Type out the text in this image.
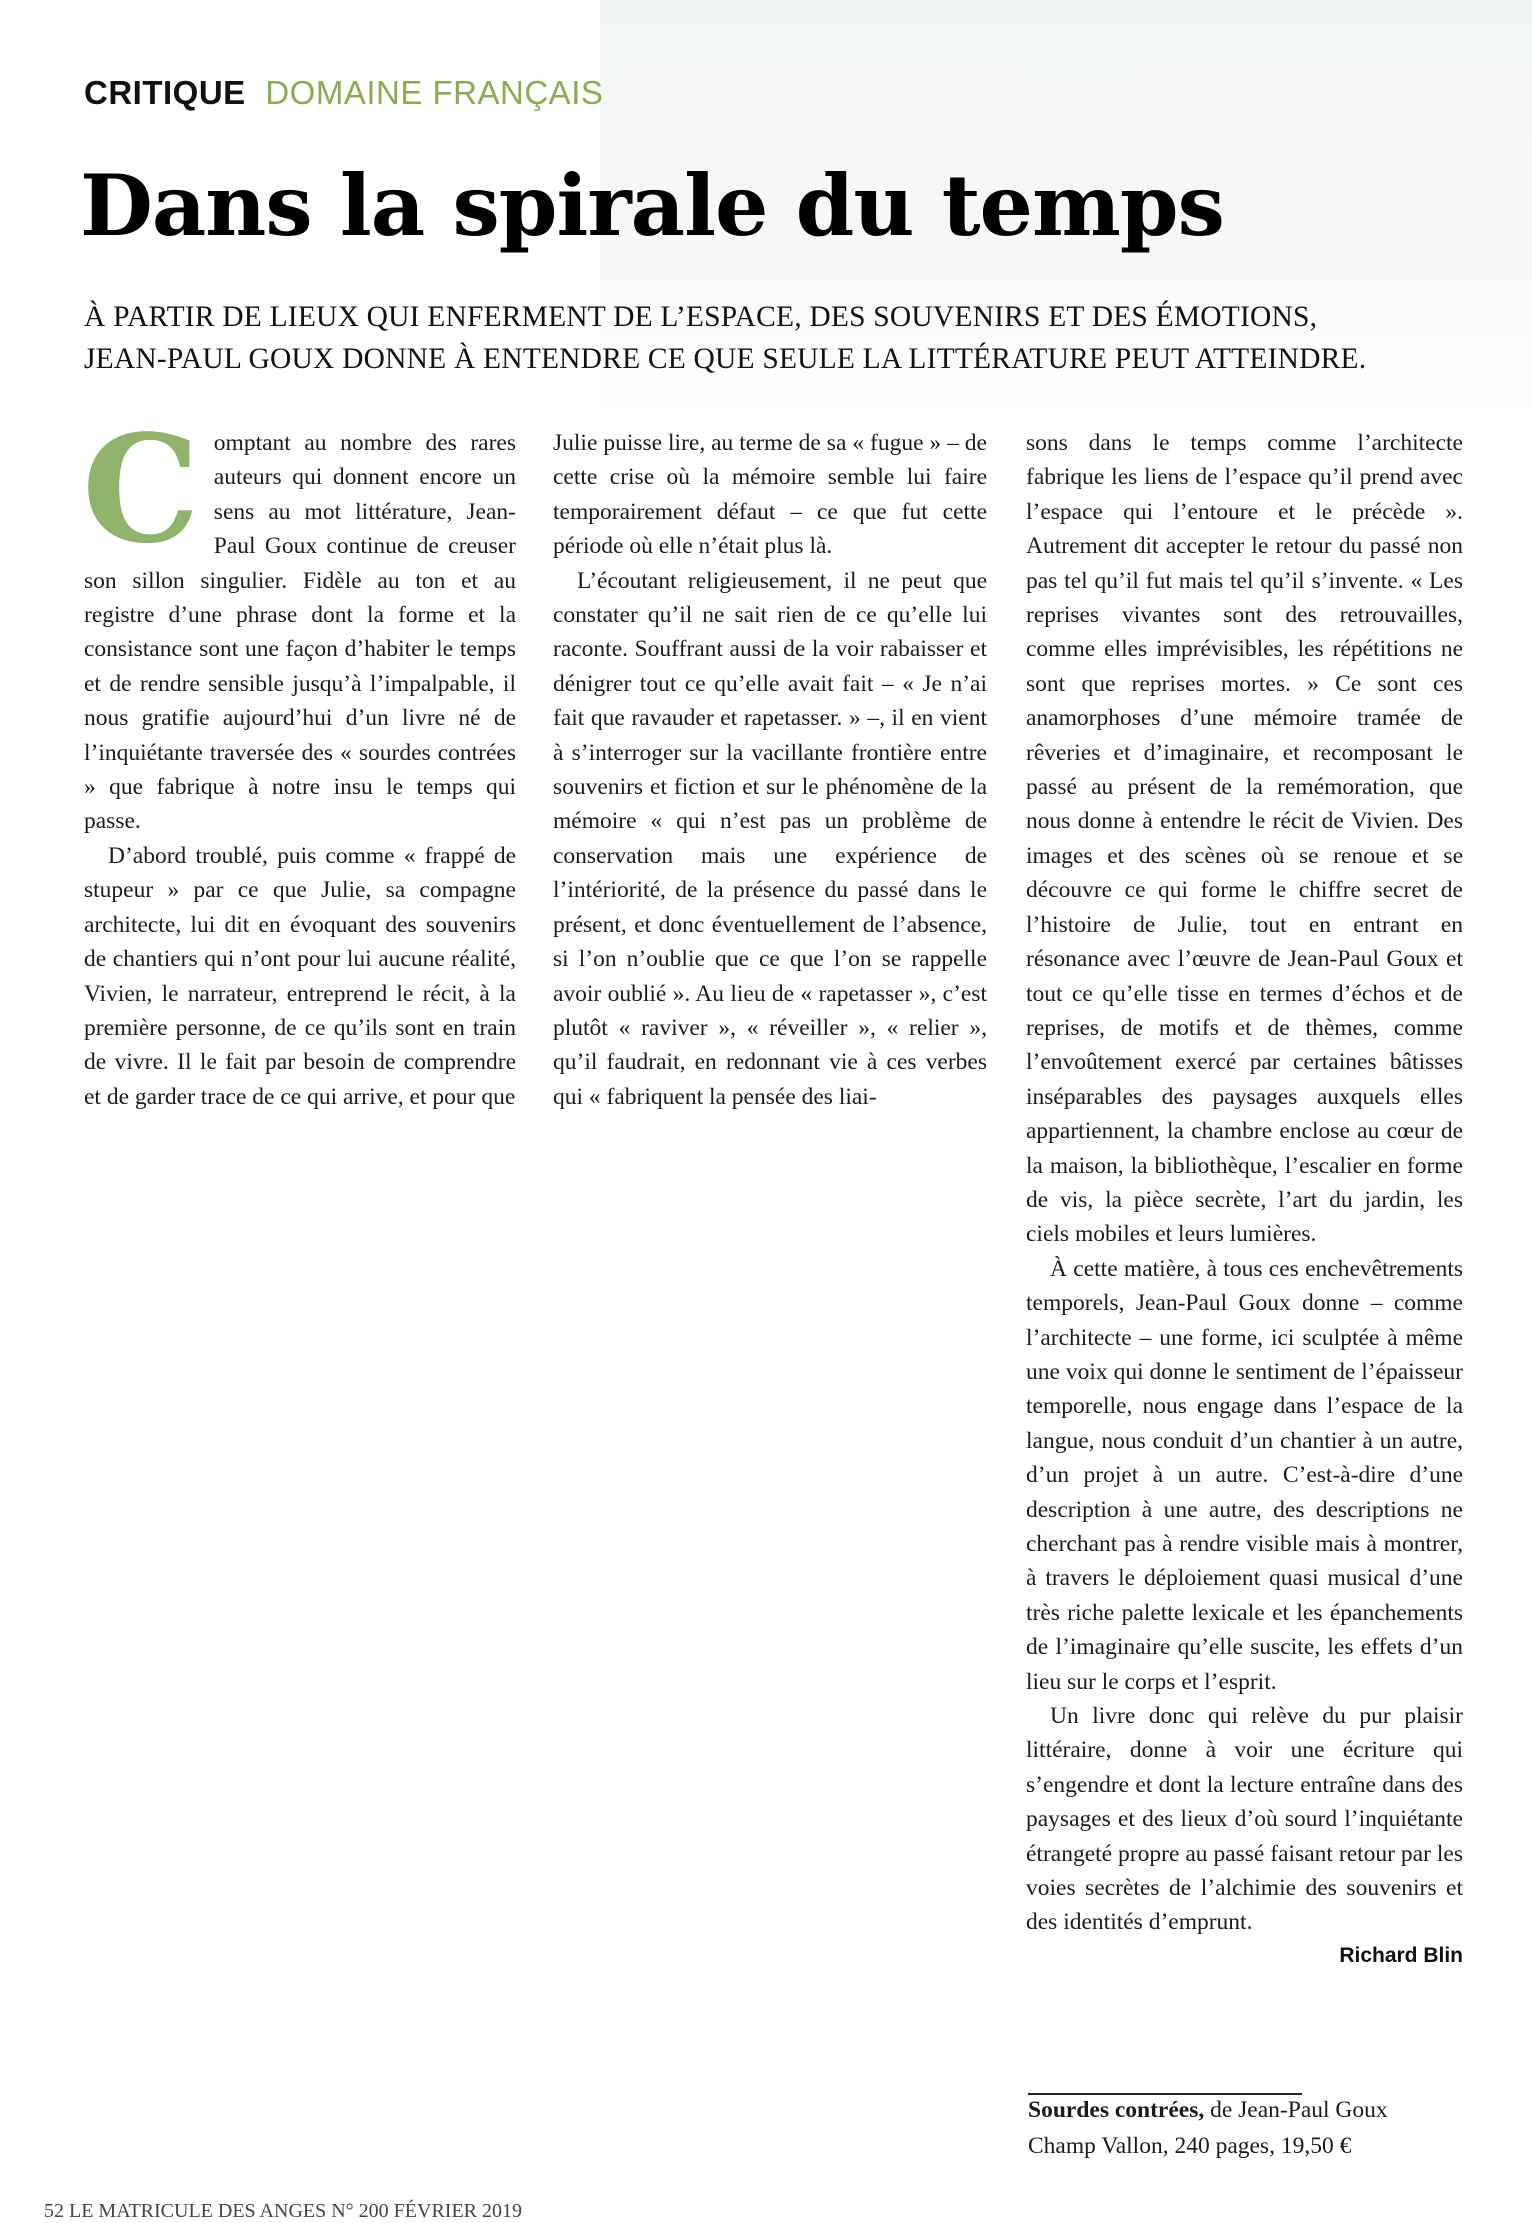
CRITIQUE DOMAINE FRANÇAIS
Dans la spirale du temps
À PARTIR DE LIEUX QUI ENFERMENT DE L’ESPACE, DES SOUVENIRS ET DES ÉMOTIONS,
JEAN-PAUL GOUX DONNE À ENTENDRE CE QUE SEULE LA LITTÉRATURE PEUT ATTEINDRE.

Comptant au nombre des rares auteurs qui donnent encore un sens au mot littérature, Jean-Paul Goux continue de creuser son sillon singulier. Fidèle au ton et au registre d’une phrase dont la forme et la consistance sont une façon d’habiter le temps et de rendre sensible jusqu’à l’impalpable, il nous gratifie aujourd’hui d’un livre né de l’inquiétante traversée des « sourdes contrées » que fabrique à notre insu le temps qui passe.

D’abord troublé, puis comme « frappé de stupeur » par ce que Julie, sa compagne architecte, lui dit en évoquant des souvenirs de chantiers qui n’ont pour lui aucune réalité, Vivien, le narrateur, entreprend le récit, à la première personne, de ce qu’ils sont en train de vivre. Il le fait par besoin de comprendre et de garder trace de ce qui arrive, et pour que

Julie puisse lire, au terme de sa « fugue » – de cette crise où la mémoire semble lui faire temporairement défaut – ce que fut cette période où elle n’était plus là.

L’écoutant religieusement, il ne peut que constater qu’il ne sait rien de ce qu’elle lui raconte. Souffrant aussi de la voir rabaisser et dénigrer tout ce qu’elle avait fait – « Je n’ai fait que ravauder et rapetasser. » –, il en vient à s’interroger sur la vacillante frontière entre souvenirs et fiction et sur le phénomène de la mémoire « qui n’est pas un problème de conservation mais une expérience de l’intériorité, de la présence du passé dans le présent, et donc éventuellement de l’absence, si l’on n’oublie que ce que l’on se rappelle avoir oublié ». Au lieu de « rapetasser », c’est plutôt « raviver », « réveiller », « relier », qu’il faudrait, en redonnant vie à ces verbes qui « fabriquent la pensée des liai-

sons dans le temps comme l’architecte fabrique les liens de l’espace qu’il prend avec l’espace qui l’entoure et le précède ». Autrement dit accepter le retour du passé non pas tel qu’il fut mais tel qu’il s’invente. « Les reprises vivantes sont des retrouvailles, comme elles imprévisibles, les répétitions ne sont que reprises mortes. » Ce sont ces anamorphoses d’une mémoire tramée de rêveries et d’imaginaire, et recomposant le passé au présent de la remémoration, que nous donne à entendre le récit de Vivien. Des images et des scènes où se renoue et se découvre ce qui forme le chiffre secret de l’histoire de Julie, tout en entrant en résonance avec l’œuvre de Jean-Paul Goux et tout ce qu’elle tisse en termes d’échos et de reprises, de motifs et de thèmes, comme l’envoûtement exercé par certaines bâtisses inséparables des paysages auxquels elles appartiennent, la chambre enclose au cœur de la maison, la bibliothèque, l’escalier en forme de vis, la pièce secrète, l’art du jardin, les ciels mobiles et leurs lumières.

À cette matière, à tous ces enchevêtrements temporels, Jean-Paul Goux donne – comme l’architecte – une forme, ici sculptée à même une voix qui donne le sentiment de l’épaisseur temporelle, nous engage dans l’espace de la langue, nous conduit d’un chantier à un autre, d’un projet à un autre. C’est-à-dire d’une description à une autre, des descriptions ne cherchant pas à rendre visible mais à montrer, à travers le déploiement quasi musical d’une très riche palette lexicale et les épanchements de l’imaginaire qu’elle suscite, les effets d’un lieu sur le corps et l’esprit.

Un livre donc qui relève du pur plaisir littéraire, donne à voir une écriture qui s’engendre et dont la lecture entraîne dans des paysages et des lieux d’où sourd l’inquiétante étrangeté propre au passé faisant retour par les voies secrètes de l’alchimie des souvenirs et des identités d’emprunt.

Richard Blin

Sourdes contrées, de Jean-Paul Goux
Champ Vallon, 240 pages, 19,50 €
52 LE MATRICULE DES ANGES N° 200 FÉVRIER 2019
